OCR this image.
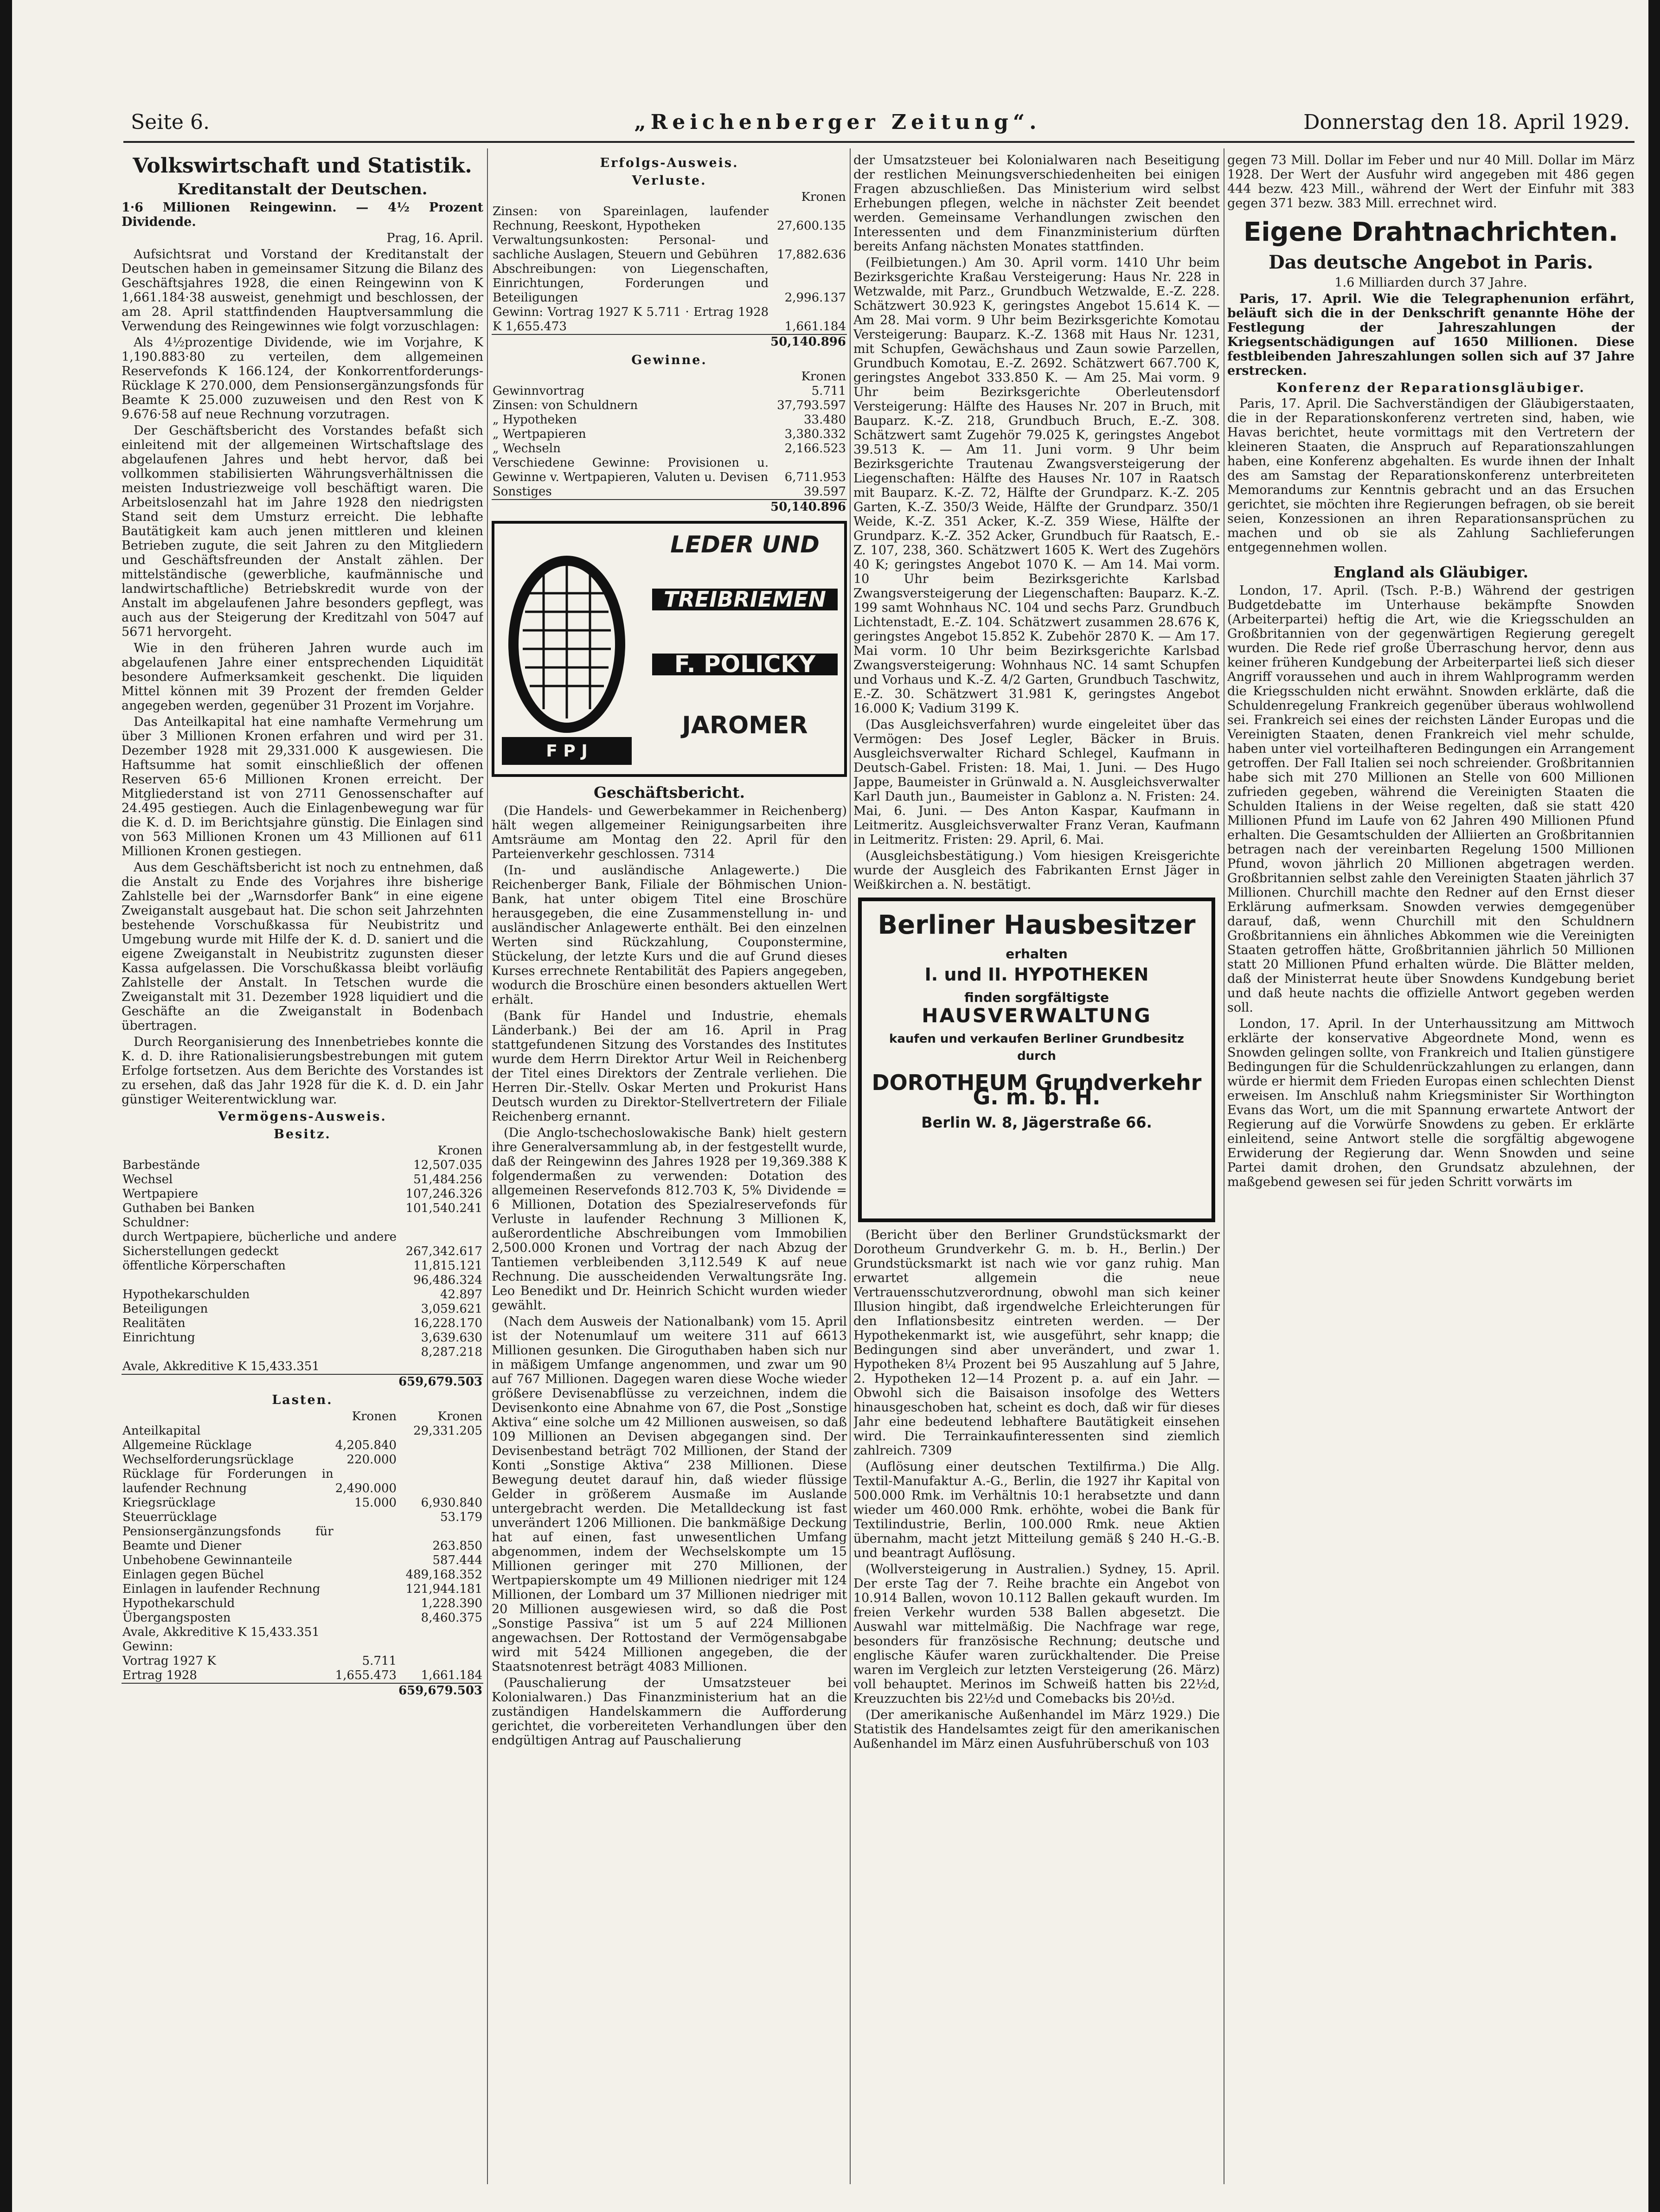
Seite 6.	„Reichenberger Zeitung“.	Donnerstag den 18. April 1929.
Volkswirtschaft und Statistik.
Kreditanstalt der Deutschen.

1·6 Millionen Reingewinn. — 4½ Prozent Dividende.

Prag, 16. April.

Aufsichtsrat und Vorstand der Kreditanstalt der Deutschen haben in gemeinsamer Sitzung die Bilanz des Geschäftsjahres 1928, die einen Reingewinn von K 1,661.184·38 ausweist, genehmigt und beschlossen, der am 28. April stattfindenden Hauptversammlung die Verwendung des Reingewinnes wie folgt vorzuschlagen:

Als 4½prozentige Dividende, wie im Vorjahre, K 1,190.883·80 zu verteilen, dem allgemeinen Reservefonds K 166.124, der Konkorrentforderungs-Rücklage K 270.000, dem Pensionsergänzungsfonds für Beamte K 25.000 zuzuweisen und den Rest von K 9.676·58 auf neue Rechnung vorzutragen.

Der Geschäftsbericht des Vorstandes befaßt sich einleitend mit der allgemeinen Wirtschaftslage des abgelaufenen Jahres und hebt hervor, daß bei vollkommen stabilisierten Währungsverhältnissen die meisten Industriezweige voll beschäftigt waren. Die Arbeitslosenzahl hat im Jahre 1928 den niedrigsten Stand seit dem Umsturz erreicht. Die lebhafte Bautätigkeit kam auch jenen mittleren und kleinen Betrieben zugute, die seit Jahren zu den Mitgliedern und Geschäftsfreunden der Anstalt zählen. Der mittelständische (gewerbliche, kaufmännische und landwirtschaftliche) Betriebskredit wurde von der Anstalt im abgelaufenen Jahre besonders gepflegt, was auch aus der Steigerung der Kreditzahl von 5047 auf 5671 hervorgeht.

Wie in den früheren Jahren wurde auch im abgelaufenen Jahre einer entsprechenden Liquidität besondere Aufmerksamkeit geschenkt. Die liquiden Mittel können mit 39 Prozent der fremden Gelder angegeben werden, gegenüber 31 Prozent im Vorjahre.

Das Anteilkapital hat eine namhafte Vermehrung um über 3 Millionen Kronen erfahren und wird per 31. Dezember 1928 mit 29,331.000 K ausgewiesen. Die Haftsumme hat somit einschließlich der offenen Reserven 65·6 Millionen Kronen erreicht. Der Mitgliederstand ist von 2711 Genossenschafter auf 24.495 gestiegen. Auch die Einlagenbewegung war für die K. d. D. im Berichtsjahre günstig. Die Einlagen sind von 563 Millionen Kronen um 43 Millionen auf 611 Millionen Kronen gestiegen.

Aus dem Geschäftsbericht ist noch zu entnehmen, daß die Anstalt zu Ende des Vorjahres ihre bisherige Zahlstelle bei der „Warnsdorfer Bank“ in eine eigene Zweiganstalt ausgebaut hat. Die schon seit Jahrzehnten bestehende Vorschußkassa für Neubistritz und Umgebung wurde mit Hilfe der K. d. D. saniert und die eigene Zweiganstalt in Neubistritz zugunsten dieser Kassa aufgelassen. Die Vorschußkassa bleibt vorläufig Zahlstelle der Anstalt. In Tetschen wurde die Zweiganstalt mit 31. Dezember 1928 liquidiert und die Geschäfte an die Zweiganstalt in Bodenbach übertragen.

Durch Reorganisierung des Innenbetriebes konnte die K. d. D. ihre Rationalisierungsbestrebungen mit gutem Erfolge fortsetzen. Aus dem Berichte des Vorstandes ist zu ersehen, daß das Jahr 1928 für die K. d. D. ein Jahr günstiger Weiterentwicklung war.

Vermögens-Ausweis.
Besitz.
	Kronen
Barbestände	12,507.035
Wechsel	51,484.256
Wertpapiere	107,246.326
Guthaben bei Banken	101,540.241
Schuldner:	
durch Wertpapiere, bücherliche und andere Sicherstellungen gedeckt	267,342.617
öffentliche Körperschaften	11,815.121
	96,486.324
Hypothekarschulden	42.897
Beteiligungen	3,059.621
Realitäten	16,228.170
Einrichtung	3,639.630
	8,287.218
Avale, Akkreditive K 15,433.351	
	659,679.503
Lasten.
	Kronen	Kronen
Anteilkapital		29,331.205
Allgemeine Rücklage	4,205.840	
Wechselforderungsrücklage	220.000	
Rücklage für Forderungen in laufender Rechnung	2,490.000	
Kriegsrücklage	15.000	6,930.840
Steuerrücklage		53.179
Pensionsergänzungsfonds für Beamte und Diener		263.850
Unbehobene Gewinnanteile		587.444
Einlagen gegen Büchel		489,168.352
Einlagen in laufender Rechnung		121,944.181
Hypothekarschuld		1,228.390
Übergangsposten		8,460.375
Avale, Akkreditive K 15,433.351		
Gewinn:		
Vortrag 1927 K	5.711	
Ertrag 1928	1,655.473	1,661.184
		659,679.503
Erfolgs-Ausweis.
Verluste.
	Kronen
Zinsen: von Spareinlagen, laufender Rechnung, Reeskont, Hypotheken	27,600.135
Verwaltungsunkosten: Personal- und sachliche Auslagen, Steuern und Gebühren	17,882.636
Abschreibungen: von Liegenschaften, Einrichtungen, Forderungen und Beteiligungen	2,996.137
Gewinn: Vortrag 1927 K 5.711 · Ertrag 1928 K 1,655.473	1,661.184
	50,140.896
Gewinne.
	Kronen
Gewinnvortrag	5.711
Zinsen: von Schuldnern	37,793.597
„ Hypotheken	33.480
„ Wertpapieren	3,380.332
„ Wechseln	2,166.523
Verschiedene Gewinne: Provisionen u. Gewinne v. Wertpapieren, Valuten u. Devisen	6,711.953
Sonstiges	39.597
	50,140.896
F P J
LEDER UND
TREIBRIEMEN
F. POLICKY
JAROMER
Geschäftsbericht.

(Die Handels- und Gewerbekammer in Reichenberg) hält wegen allgemeiner Reinigungsarbeiten ihre Amtsräume am Montag den 22. April für den Parteienverkehr geschlossen. 7314

(In- und ausländische Anlagewerte.) Die Reichenberger Bank, Filiale der Böhmischen Union-Bank, hat unter obigem Titel eine Broschüre herausgegeben, die eine Zusammenstellung in- und ausländischer Anlagewerte enthält. Bei den einzelnen Werten sind Rückzahlung, Couponstermine, Stückelung, der letzte Kurs und die auf Grund dieses Kurses errechnete Rentabilität des Papiers angegeben, wodurch die Broschüre einen besonders aktuellen Wert erhält.

(Bank für Handel und Industrie, ehemals Länderbank.) Bei der am 16. April in Prag stattgefundenen Sitzung des Vorstandes des Institutes wurde dem Herrn Direktor Artur Weil in Reichenberg der Titel eines Direktors der Zentrale verliehen. Die Herren Dir.-Stellv. Oskar Merten und Prokurist Hans Deutsch wurden zu Direktor-Stellvertretern der Filiale Reichenberg ernannt.

(Die Anglo-tschechoslowakische Bank) hielt gestern ihre Generalversammlung ab, in der festgestellt wurde, daß der Reingewinn des Jahres 1928 per 19,369.388 K folgendermaßen zu verwenden: Dotation des allgemeinen Reservefonds 812.703 K, 5% Dividende = 6 Millionen, Dotation des Spezialreservefonds für Verluste in laufender Rechnung 3 Millionen K, außerordentliche Abschreibungen vom Immobilien 2,500.000 Kronen und Vortrag der nach Abzug der Tantiemen verbleibenden 3,112.549 K auf neue Rechnung. Die ausscheidenden Verwaltungsräte Ing. Leo Benedikt und Dr. Heinrich Schicht wurden wieder gewählt.

(Nach dem Ausweis der Nationalbank) vom 15. April ist der Notenumlauf um weitere 311 auf 6613 Millionen gesunken. Die Giroguthaben haben sich nur in mäßigem Umfange angenommen, und zwar um 90 auf 767 Millionen. Dagegen waren diese Woche wieder größere Devisenabflüsse zu verzeichnen, indem die Devisenkonto eine Abnahme von 67, die Post „Sonstige Aktiva“ eine solche um 42 Millionen ausweisen, so daß 109 Millionen an Devisen abgegangen sind. Der Devisenbestand beträgt 702 Millionen, der Stand der Konti „Sonstige Aktiva“ 238 Millionen. Diese Bewegung deutet darauf hin, daß wieder flüssige Gelder in größerem Ausmaße im Auslande untergebracht werden. Die Metalldeckung ist fast unverändert 1206 Millionen. Die bankmäßige Deckung hat auf einen, fast unwesentlichen Umfang abgenommen, indem der Wechselskompte um 15 Millionen geringer mit 270 Millionen, der Wertpapierskompte um 49 Millionen niedriger mit 124 Millionen, der Lombard um 37 Millionen niedriger mit 20 Millionen ausgewiesen wird, so daß die Post „Sonstige Passiva“ ist um 5 auf 224 Millionen angewachsen. Der Rottostand der Vermögensabgabe wird mit 5424 Millionen angegeben, die der Staatsnotenrest beträgt 4083 Millionen.

(Pauschalierung der Umsatzsteuer bei Kolonialwaren.) Das Finanzministerium hat an die zuständigen Handelskammern die Aufforderung gerichtet, die vorbereiteten Verhandlungen über den endgültigen Antrag auf Pauschalierung

der Umsatzsteuer bei Kolonialwaren nach Beseitigung der restlichen Meinungsverschiedenheiten bei einigen Fragen abzuschließen. Das Ministerium wird selbst Erhebungen pflegen, welche in nächster Zeit beendet werden. Gemeinsame Verhandlungen zwischen den Interessenten und dem Finanzministerium dürften bereits Anfang nächsten Monates stattfinden.

(Feilbietungen.) Am 30. April vorm. 1410 Uhr beim Bezirksgerichte Kraßau Versteigerung: Haus Nr. 228 in Wetzwalde, mit Parz., Grundbuch Wetzwalde, E.-Z. 228. Schätzwert 30.923 K, geringstes Angebot 15.614 K. — Am 28. Mai vorm. 9 Uhr beim Bezirksgerichte Komotau Versteigerung: Bauparz. K.-Z. 1368 mit Haus Nr. 1231, mit Schupfen, Gewächshaus und Zaun sowie Parzellen, Grundbuch Komotau, E.-Z. 2692. Schätzwert 667.700 K, geringstes Angebot 333.850 K. — Am 25. Mai vorm. 9 Uhr beim Bezirksgerichte Oberleutensdorf Versteigerung: Hälfte des Hauses Nr. 207 in Bruch, mit Bauparz. K.-Z. 218, Grundbuch Bruch, E.-Z. 308. Schätzwert samt Zugehör 79.025 K, geringstes Angebot 39.513 K. — Am 11. Juni vorm. 9 Uhr beim Bezirksgerichte Trautenau Zwangsversteigerung der Liegenschaften: Hälfte des Hauses Nr. 107 in Raatsch mit Bauparz. K.-Z. 72, Hälfte der Grundparz. K.-Z. 205 Garten, K.-Z. 350/3 Weide, Hälfte der Grundparz. 350/1 Weide, K.-Z. 351 Acker, K.-Z. 359 Wiese, Hälfte der Grundparz. K.-Z. 352 Acker, Grundbuch für Raatsch, E.-Z. 107, 238, 360. Schätzwert 1605 K. Wert des Zugehörs 40 K; geringstes Angebot 1070 K. — Am 14. Mai vorm. 10 Uhr beim Bezirksgerichte Karlsbad Zwangsversteigerung der Liegenschaften: Bauparz. K.-Z. 199 samt Wohnhaus NC. 104 und sechs Parz. Grundbuch Lichtenstadt, E.-Z. 104. Schätzwert zusammen 28.676 K, geringstes Angebot 15.852 K. Zubehör 2870 K. — Am 17. Mai vorm. 10 Uhr beim Bezirksgerichte Karlsbad Zwangsversteigerung: Wohnhaus NC. 14 samt Schupfen und Vorhaus und K.-Z. 4/2 Garten, Grundbuch Taschwitz, E.-Z. 30. Schätzwert 31.981 K, geringstes Angebot 16.000 K; Vadium 3199 K.

(Das Ausgleichsverfahren) wurde eingeleitet über das Vermögen: Des Josef Legler, Bäcker in Bruis. Ausgleichsverwalter Richard Schlegel, Kaufmann in Deutsch-Gabel. Fristen: 18. Mai, 1. Juni. — Des Hugo Jappe, Baumeister in Grünwald a. N. Ausgleichsverwalter Karl Dauth jun., Baumeister in Gablonz a. N. Fristen: 24. Mai, 6. Juni. — Des Anton Kaspar, Kaufmann in Leitmeritz. Ausgleichsverwalter Franz Veran, Kaufmann in Leitmeritz. Fristen: 29. April, 6. Mai.

(Ausgleichsbestätigung.) Vom hiesigen Kreisgerichte wurde der Ausgleich des Fabrikanten Ernst Jäger in Weißkirchen a. N. bestätigt.

Berliner Hausbesitzer
erhalten
I. und II. HYPOTHEKEN
finden sorgfältigste
HAUSVERWALTUNG
kaufen und verkaufen Berliner Grundbesitz
durch
DOROTHEUM Grundverkehr G. m. b. H.
Berlin W. 8, Jägerstraße 66.

(Bericht über den Berliner Grundstücksmarkt der Dorotheum Grundverkehr G. m. b. H., Berlin.) Der Grundstücksmarkt ist nach wie vor ganz ruhig. Man erwartet allgemein die neue Vertrauensschutzverordnung, obwohl man sich keiner Illusion hingibt, daß irgendwelche Erleichterungen für den Inflationsbesitz eintreten werden. — Der Hypothekenmarkt ist, wie ausgeführt, sehr knapp; die Bedingungen sind aber unverändert, und zwar 1. Hypotheken 8¼ Prozent bei 95 Auszahlung auf 5 Jahre, 2. Hypotheken 12—14 Prozent p. a. auf ein Jahr. — Obwohl sich die Baisaison insofolge des Wetters hinausgeschoben hat, scheint es doch, daß wir für dieses Jahr eine bedeutend lebhaftere Bautätigkeit einsehen wird. Die Terrainkaufinteressenten sind ziemlich zahlreich. 7309

(Auflösung einer deutschen Textilfirma.) Die Allg. Textil-Manufaktur A.-G., Berlin, die 1927 ihr Kapital von 500.000 Rmk. im Verhältnis 10:1 herabsetzte und dann wieder um 460.000 Rmk. erhöhte, wobei die Bank für Textilindustrie, Berlin, 100.000 Rmk. neue Aktien übernahm, macht jetzt Mitteilung gemäß § 240 H.-G.-B. und beantragt Auflösung.

(Wollversteigerung in Australien.) Sydney, 15. April. Der erste Tag der 7. Reihe brachte ein Angebot von 10.914 Ballen, wovon 10.112 Ballen gekauft wurden. Im freien Verkehr wurden 538 Ballen abgesetzt. Die Auswahl war mittelmäßig. Die Nachfrage war rege, besonders für französische Rechnung; deutsche und englische Käufer waren zurückhaltender. Die Preise waren im Vergleich zur letzten Versteigerung (26. März) voll behauptet. Merinos im Schweiß hatten bis 22½d, Kreuzzuchten bis 22½d und Comebacks bis 20½d.

(Der amerikanische Außenhandel im März 1929.) Die Statistik des Handelsamtes zeigt für den amerikanischen Außenhandel im März einen Ausfuhrüberschuß von 103

gegen 73 Mill. Dollar im Feber und nur 40 Mill. Dollar im März 1928. Der Wert der Ausfuhr wird angegeben mit 486 gegen 444 bezw. 423 Mill., während der Wert der Einfuhr mit 383 gegen 371 bezw. 383 Mill. errechnet wird.

Eigene Drahtnachrichten.
Das deutsche Angebot in Paris.

1.6 Milliarden durch 37 Jahre.

Paris, 17. April. Wie die Telegraphenunion erfährt, beläuft sich die in der Denkschrift genannte Höhe der Festlegung der Jahreszahlungen der Kriegsentschädigungen auf 1650 Millionen. Diese festbleibenden Jahreszahlungen sollen sich auf 37 Jahre erstrecken.

Konferenz der Reparationsgläubiger.

Paris, 17. April. Die Sachverständigen der Gläubigerstaaten, die in der Reparationskonferenz vertreten sind, haben, wie Havas berichtet, heute vormittags mit den Vertretern der kleineren Staaten, die Anspruch auf Reparationszahlungen haben, eine Konferenz abgehalten. Es wurde ihnen der Inhalt des am Samstag der Reparationskonferenz unterbreiteten Memorandums zur Kenntnis gebracht und an das Ersuchen gerichtet, sie möchten ihre Regierungen befragen, ob sie bereit seien, Konzessionen an ihren Reparationsansprüchen zu machen und ob sie als Zahlung Sachlieferungen entgegennehmen wollen.

England als Gläubiger.

London, 17. April. (Tsch. P.-B.) Während der gestrigen Budgetdebatte im Unterhause bekämpfte Snowden (Arbeiterpartei) heftig die Art, wie die Kriegsschulden an Großbritannien von der gegenwärtigen Regierung geregelt wurden. Die Rede rief große Überraschung hervor, denn aus keiner früheren Kundgebung der Arbeiterpartei ließ sich dieser Angriff voraussehen und auch in ihrem Wahlprogramm werden die Kriegsschulden nicht erwähnt. Snowden erklärte, daß die Schuldenregelung Frankreich gegenüber überaus wohlwollend sei. Frankreich sei eines der reichsten Länder Europas und die Vereinigten Staaten, denen Frankreich viel mehr schulde, haben unter viel vorteilhafteren Bedingungen ein Arrangement getroffen. Der Fall Italien sei noch schreiender. Großbritannien habe sich mit 270 Millionen an Stelle von 600 Millionen zufrieden gegeben, während die Vereinigten Staaten die Schulden Italiens in der Weise regelten, daß sie statt 420 Millionen Pfund im Laufe von 62 Jahren 490 Millionen Pfund erhalten. Die Gesamtschulden der Alliierten an Großbritannien betragen nach der vereinbarten Regelung 1500 Millionen Pfund, wovon jährlich 20 Millionen abgetragen werden. Großbritannien selbst zahle den Vereinigten Staaten jährlich 37 Millionen. Churchill machte den Redner auf den Ernst dieser Erklärung aufmerksam. Snowden verwies demgegenüber darauf, daß, wenn Churchill mit den Schuldnern Großbritanniens ein ähnliches Abkommen wie die Vereinigten Staaten getroffen hätte, Großbritannien jährlich 50 Millionen statt 20 Millionen Pfund erhalten würde. Die Blätter melden, daß der Ministerrat heute über Snowdens Kundgebung beriet und daß heute nachts die offizielle Antwort gegeben werden soll.

London, 17. April. In der Unterhaussitzung am Mittwoch erklärte der konservative Abgeordnete Mond, wenn es Snowden gelingen sollte, von Frankreich und Italien günstigere Bedingungen für die Schuldenrückzahlungen zu erlangen, dann würde er hiermit dem Frieden Europas einen schlechten Dienst erweisen. Im Anschluß nahm Kriegsminister Sir Worthington Evans das Wort, um die mit Spannung erwartete Antwort der Regierung auf die Vorwürfe Snowdens zu geben. Er erklärte einleitend, seine Antwort stelle die sorgfältig abgewogene Erwiderung der Regierung dar. Wenn Snowden und seine Partei damit drohen, den Grundsatz abzulehnen, der maßgebend gewesen sei für jeden Schritt vorwärts im
